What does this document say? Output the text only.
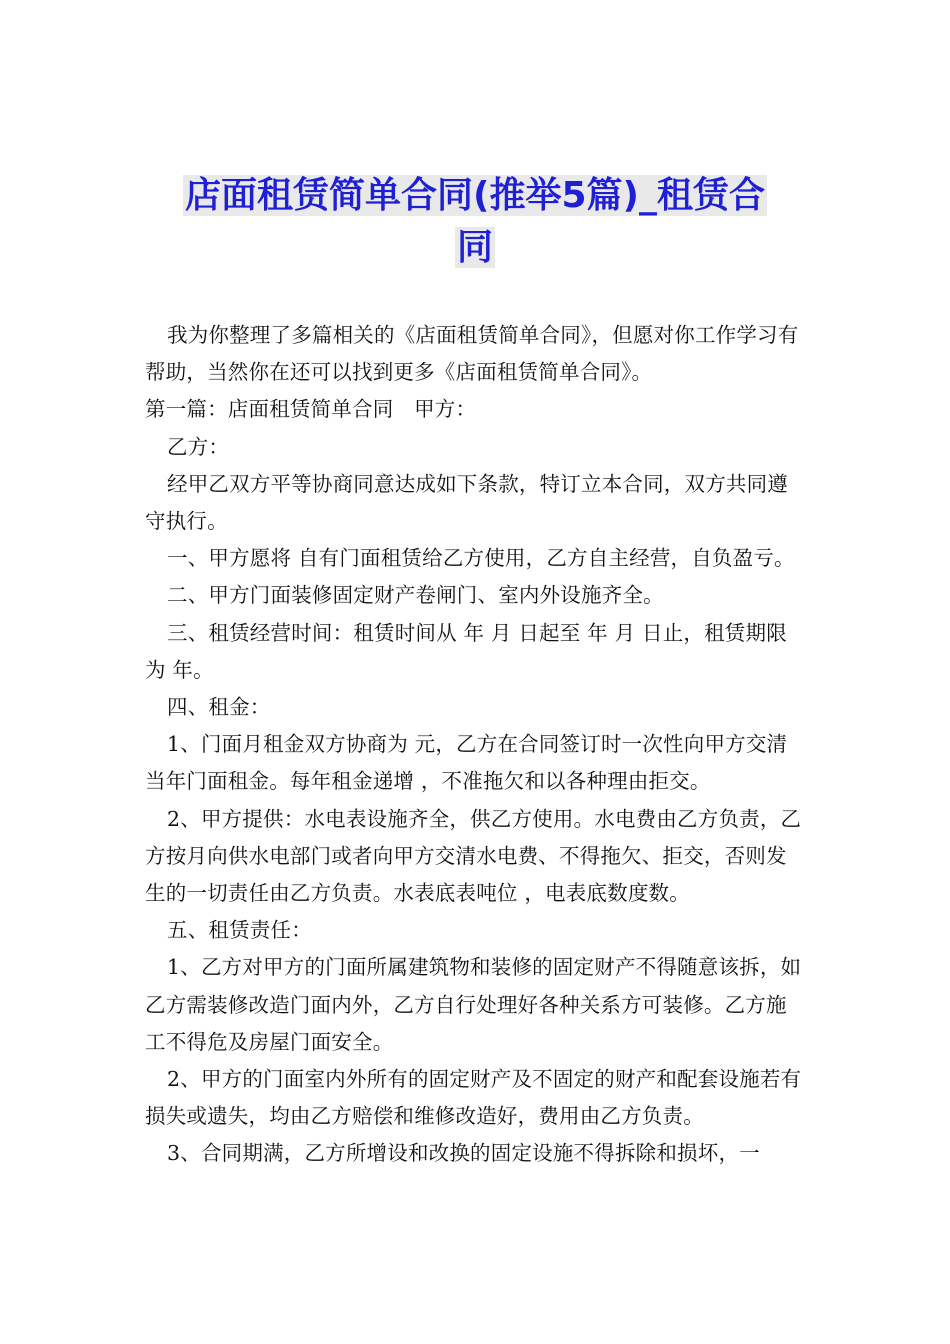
店面租赁简单合同(推举5篇)_租赁合
同

我为你整理了多篇相关的《店面租赁简单合同》，但愿对你工作学习有帮助，当然你在还可以找到更多《店面租赁简单合同》。

第一篇：店面租赁简单合同　甲方：

乙方：

经甲乙双方平等协商同意达成如下条款，特订立本合同，双方共同遵守执行。

一、甲方愿将 自有门面租赁给乙方使用，乙方自主经营，自负盈亏。

二、甲方门面装修固定财产卷闸门、室内外设施齐全。

三、租赁经营时间：租赁时间从 年 月 日起至 年 月 日止，租赁期限为 年。

四、租金：

1、门面月租金双方协商为 元，乙方在合同签订时一次性向甲方交清当年门面租金。每年租金递增 ，不准拖欠和以各种理由拒交。

2、甲方提供：水电表设施齐全，供乙方使用。水电费由乙方负责，乙方按月向供水电部门或者向甲方交清水电费、不得拖欠、拒交，否则发生的一切责任由乙方负责。水表底表吨位 ，电表底数度数。

五、租赁责任：

1、乙方对甲方的门面所属建筑物和装修的固定财产不得随意该拆，如乙方需装修改造门面内外，乙方自行处理好各种关系方可装修。乙方施工不得危及房屋门面安全。

2、甲方的门面室内外所有的固定财产及不固定的财产和配套设施若有损失或遗失，均由乙方赔偿和维修改造好，费用由乙方负责。

3、合同期满，乙方所增设和改换的固定设施不得拆除和损坏，一
